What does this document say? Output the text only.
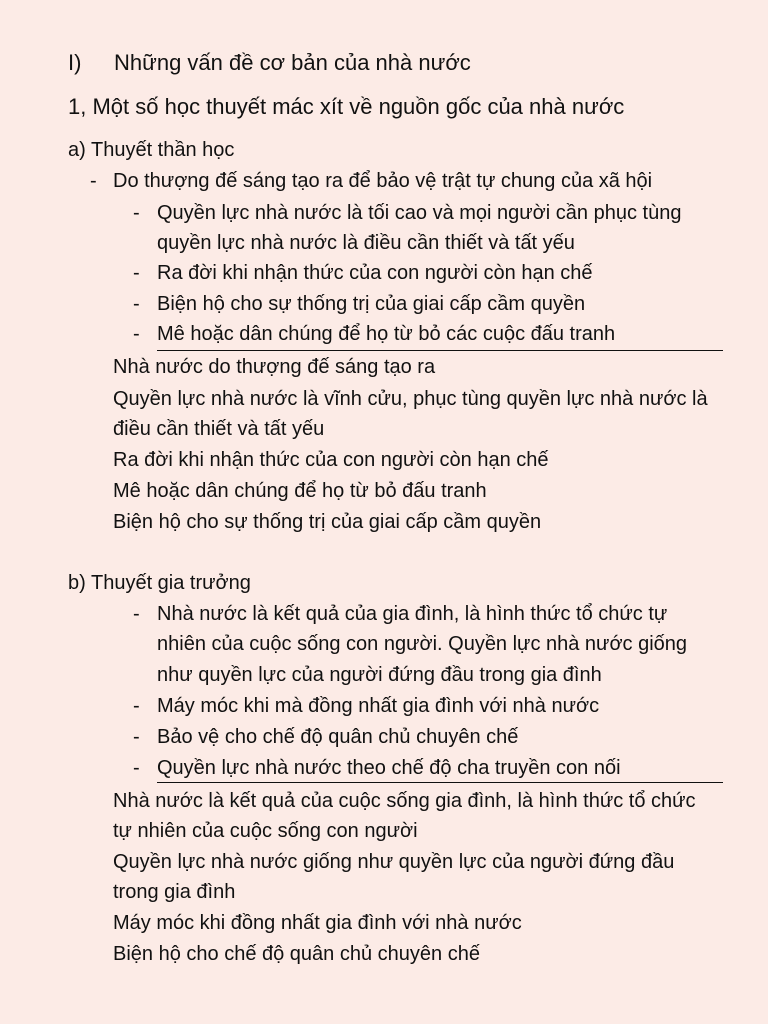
I) Những vấn đề cơ bản của nhà nước
1, Một số học thuyết mác xít về nguồn gốc của nhà nước
a) Thuyết thần học
- Do thượng đế sáng tạo ra để bảo vệ trật tự chung của xã hội
- Quyền lực nhà nước là tối cao và mọi người cần phục tùng
quyền lực nhà nước là điều cần thiết và tất yếu
- Ra đời khi nhận thức của con người còn hạn chế
- Biện hộ cho sự thống trị của giai cấp cầm quyền
- Mê hoặc dân chúng để họ từ bỏ các cuộc đấu tranh
Nhà nước do thượng đế sáng tạo ra
Quyền lực nhà nước là vĩnh cửu, phục tùng quyền lực nhà nước là
điều cần thiết và tất yếu
Ra đời khi nhận thức của con người còn hạn chế
Mê hoặc dân chúng để họ từ bỏ đấu tranh
Biện hộ cho sự thống trị của giai cấp cầm quyền
b) Thuyết gia trưởng
- Nhà nước là kết quả của gia đình, là hình thức tổ chức tự
nhiên của cuộc sống con người. Quyền lực nhà nước giống
như quyền lực của người đứng đầu trong gia đình
- Máy móc khi mà đồng nhất gia đình với nhà nước
- Bảo vệ cho chế độ quân chủ chuyên chế
- Quyền lực nhà nước theo chế độ cha truyền con nối
Nhà nước là kết quả của cuộc sống gia đình, là hình thức tổ chức
tự nhiên của cuộc sống con người
Quyền lực nhà nước giống như quyền lực của người đứng đầu
trong gia đình
Máy móc khi đồng nhất gia đình với nhà nước
Biện hộ cho chế độ quân chủ chuyên chế
